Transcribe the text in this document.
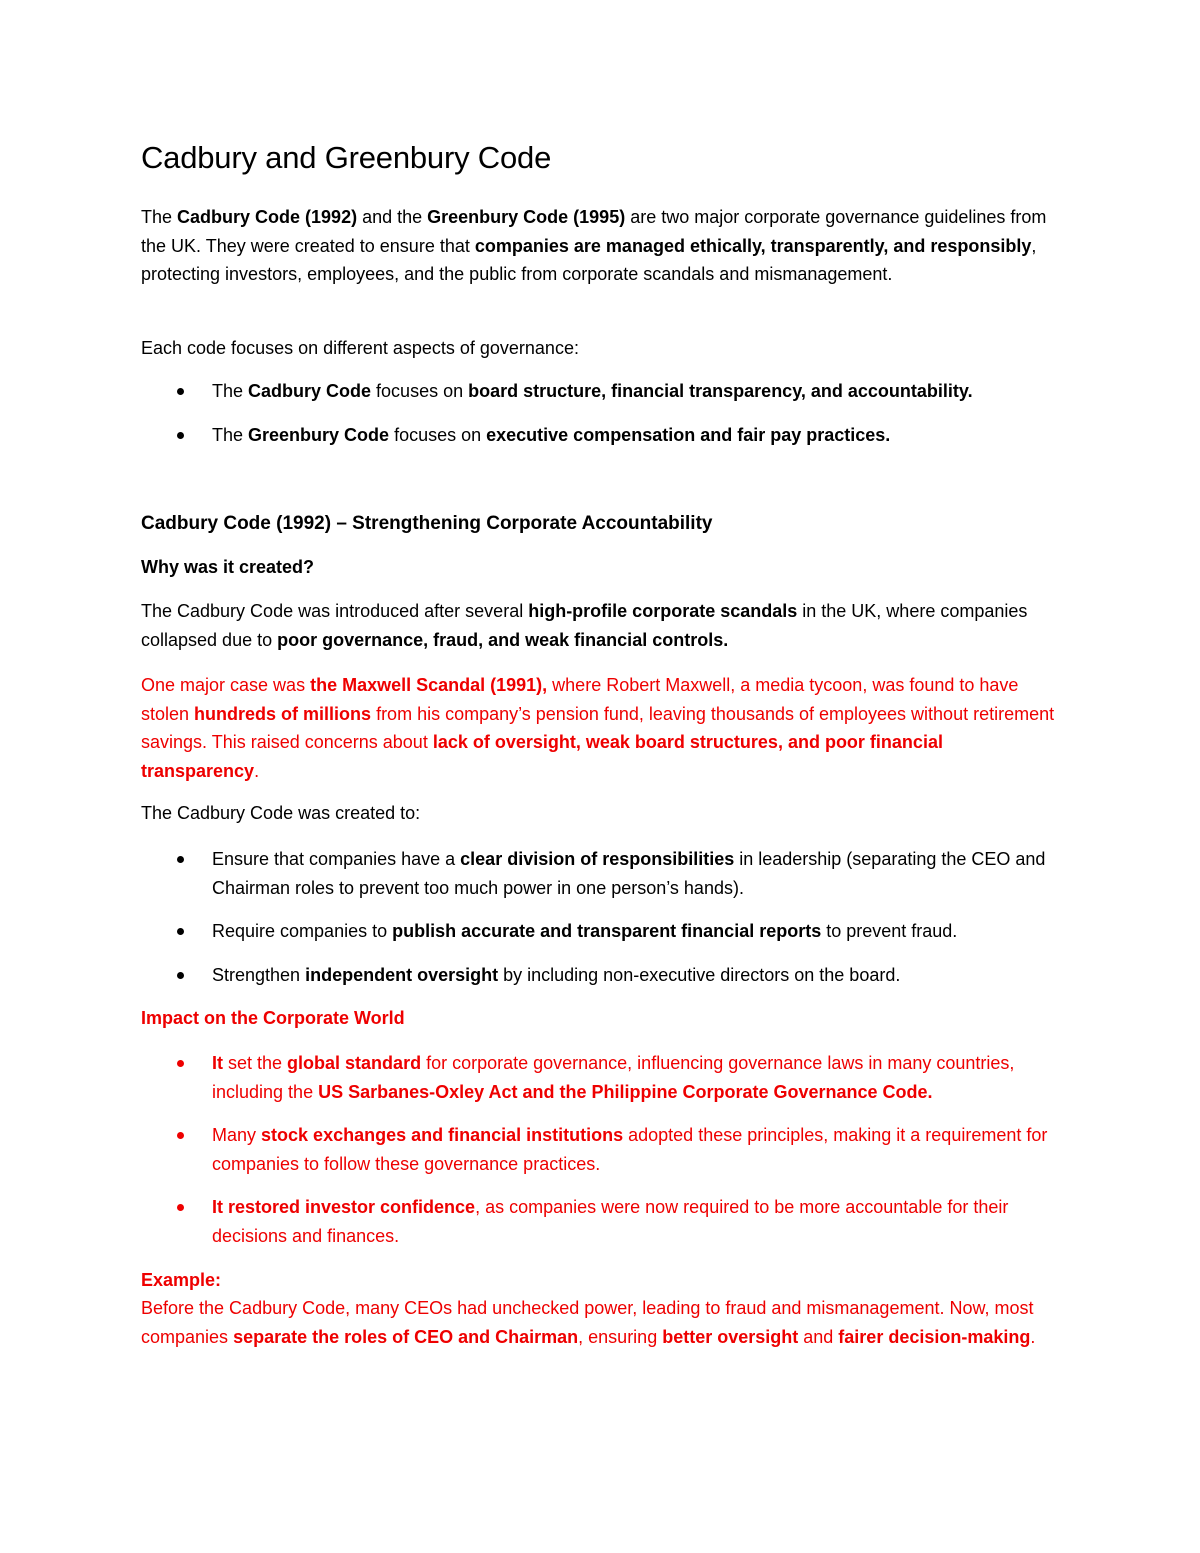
Cadbury and Greenbury Code

The Cadbury Code (1992) and the Greenbury Code (1995) are two major corporate governance guidelines from the UK. They were created to ensure that companies are managed ethically, transparently, and responsibly, protecting investors, employees, and the public from corporate scandals and mismanagement.

Each code focuses on different aspects of governance:

The Cadbury Code focuses on board structure, financial transparency, and accountability.
The Greenbury Code focuses on executive compensation and fair pay practices.

Cadbury Code (1992) – Strengthening Corporate Accountability

Why was it created?

The Cadbury Code was introduced after several high-profile corporate scandals in the UK, where companies collapsed due to poor governance, fraud, and weak financial controls.

One major case was the Maxwell Scandal (1991), where Robert Maxwell, a media tycoon, was found to have stolen hundreds of millions from his company’s pension fund, leaving thousands of employees without retirement savings. This raised concerns about lack of oversight, weak board structures, and poor financial transparency.

The Cadbury Code was created to:

Ensure that companies have a clear division of responsibilities in leadership (separating the CEO and Chairman roles to prevent too much power in one person’s hands).
Require companies to publish accurate and transparent financial reports to prevent fraud.
Strengthen independent oversight by including non-executive directors on the board.

Impact on the Corporate World

It set the global standard for corporate governance, influencing governance laws in many countries, including the US Sarbanes-Oxley Act and the Philippine Corporate Governance Code.
Many stock exchanges and financial institutions adopted these principles, making it a requirement for companies to follow these governance practices.
It restored investor confidence, as companies were now required to be more accountable for their decisions and finances.

Example:

Before the Cadbury Code, many CEOs had unchecked power, leading to fraud and mismanagement. Now, most companies separate the roles of CEO and Chairman, ensuring better oversight and fairer decision-making.
